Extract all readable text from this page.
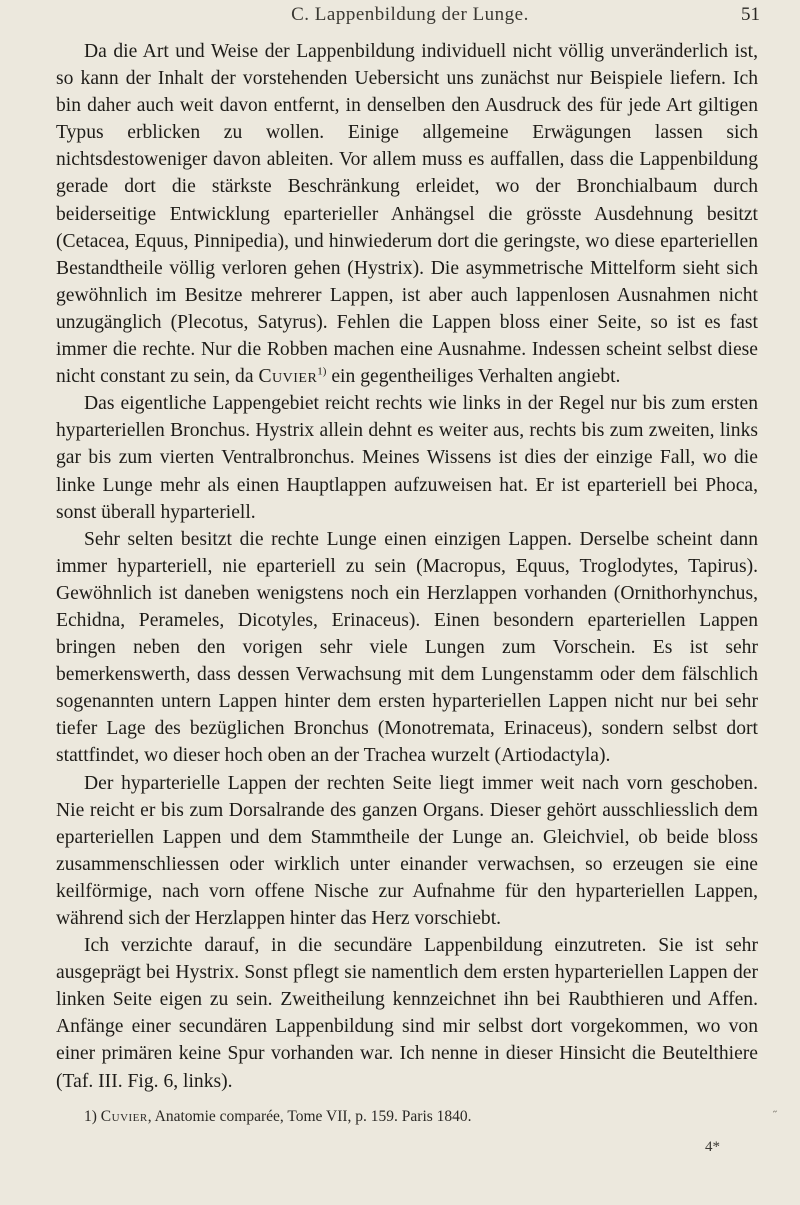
C. Lappenbildung der Lunge.	51

Da die Art und Weise der Lappenbildung individuell nicht völlig unveränderlich ist, so kann der Inhalt der vorstehenden Uebersicht uns zunächst nur Beispiele liefern. Ich bin daher auch weit davon entfernt, in denselben den Ausdruck des für jede Art giltigen Typus erblicken zu wollen. Einige allgemeine Erwägungen lassen sich nichtsdestoweniger davon ableiten. Vor allem muss es auffallen, dass die Lappenbildung gerade dort die stärkste Beschränkung erleidet, wo der Bronchialbaum durch beiderseitige Entwicklung eparterieller Anhängsel die grösste Ausdehnung besitzt (Cetacea, Equus, Pinnipedia), und hinwiederum dort die geringste, wo diese eparteriellen Bestandtheile völlig verloren gehen (Hystrix). Die asymmetrische Mittelform sieht sich gewöhnlich im Besitze mehrerer Lappen, ist aber auch lappenlosen Ausnahmen nicht unzugänglich (Plecotus, Satyrus). Fehlen die Lappen bloss einer Seite, so ist es fast immer die rechte. Nur die Robben machen eine Ausnahme. Indessen scheint selbst diese nicht constant zu sein, da Cuvier$^{1)}$ ein gegentheiliges Verhalten angiebt.

Das eigentliche Lappengebiet reicht rechts wie links in der Regel nur bis zum ersten hyparteriellen Bronchus. Hystrix allein dehnt es weiter aus, rechts bis zum zweiten, links gar bis zum vierten Ventralbronchus. Meines Wissens ist dies der einzige Fall, wo die linke Lunge mehr als einen Hauptlappen aufzuweisen hat. Er ist eparteriell bei Phoca, sonst überall hyparteriell.

Sehr selten besitzt die rechte Lunge einen einzigen Lappen. Derselbe scheint dann immer hyparteriell, nie eparteriell zu sein (Macropus, Equus, Troglodytes, Tapirus). Gewöhnlich ist daneben wenigstens noch ein Herzlappen vorhanden (Ornithorhynchus, Echidna, Perameles, Dicotyles, Erinaceus). Einen besondern eparteriellen Lappen bringen neben den vorigen sehr viele Lungen zum Vorschein. Es ist sehr bemerkenswerth, dass dessen Verwachsung mit dem Lungenstamm oder dem fälschlich sogenannten untern Lappen hinter dem ersten hyparteriellen Lappen nicht nur bei sehr tiefer Lage des bezüglichen Bronchus (Monotremata, Erinaceus), sondern selbst dort stattfindet, wo dieser hoch oben an der Trachea wurzelt (Artiodactyla).

Der hyparterielle Lappen der rechten Seite liegt immer weit nach vorn geschoben. Nie reicht er bis zum Dorsalrande des ganzen Organs. Dieser gehört ausschliesslich dem eparteriellen Lappen und dem Stammtheile der Lunge an. Gleichviel, ob beide bloss zusammenschliessen oder wirklich unter einander verwachsen, so erzeugen sie eine keilförmige, nach vorn offene Nische zur Aufnahme für den hyparteriellen Lappen, während sich der Herzlappen hinter das Herz vorschiebt.

Ich verzichte darauf, in die secundäre Lappenbildung einzutreten. Sie ist sehr ausgeprägt bei Hystrix. Sonst pflegt sie namentlich dem ersten hyparteriellen Lappen der linken Seite eigen zu sein. Zweitheilung kennzeichnet ihn bei Raubthieren und Affen. Anfänge einer secundären Lappenbildung sind mir selbst dort vorgekommen, wo von einer primären keine Spur vorhanden war. Ich nenne in dieser Hinsicht die Beutelthiere (Taf. III. Fig. 6, links).

1) Cuvier, Anatomie comparée, Tome VII, p. 159. Paris 1840.	˝
4*
